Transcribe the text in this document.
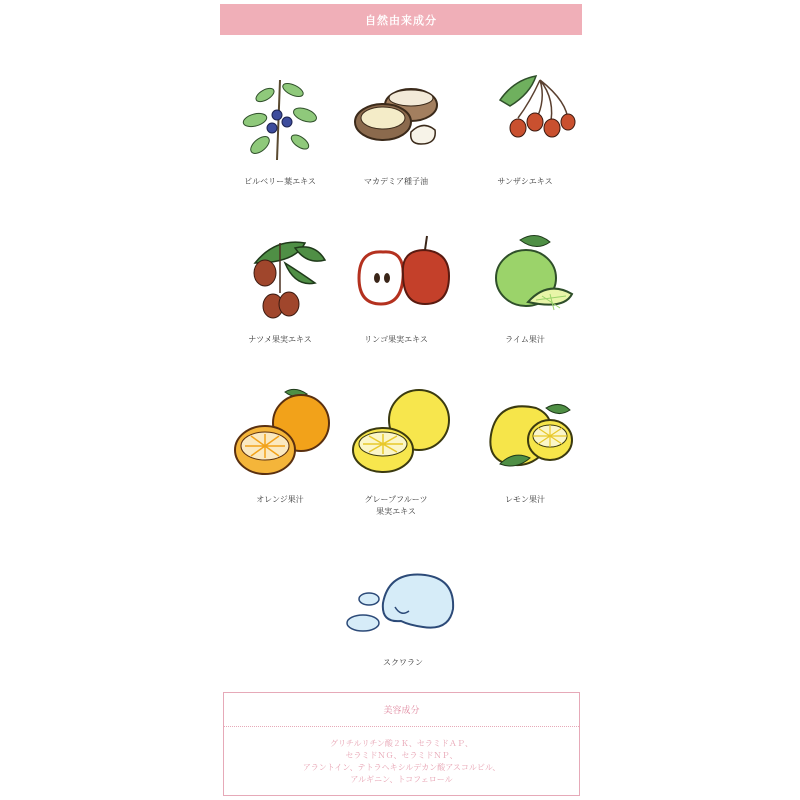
自然由来成分
ビルベリー葉エキス	マカデミア種子油	サンザシエキス
ナツメ果実エキス	リンゴ果実エキス	ライム果汁
オレンジ果汁	グレープフルーツ
果実エキス
レモン果汁
スクワラン
美容成分
グリチルリチン酸２Ｋ、セラミドＡＰ、
セラミドＮＧ、セラミドＮＰ、
アラントイン、テトラヘキシルデカン酸アスコルビル、
アルギニン、トコフェロール
